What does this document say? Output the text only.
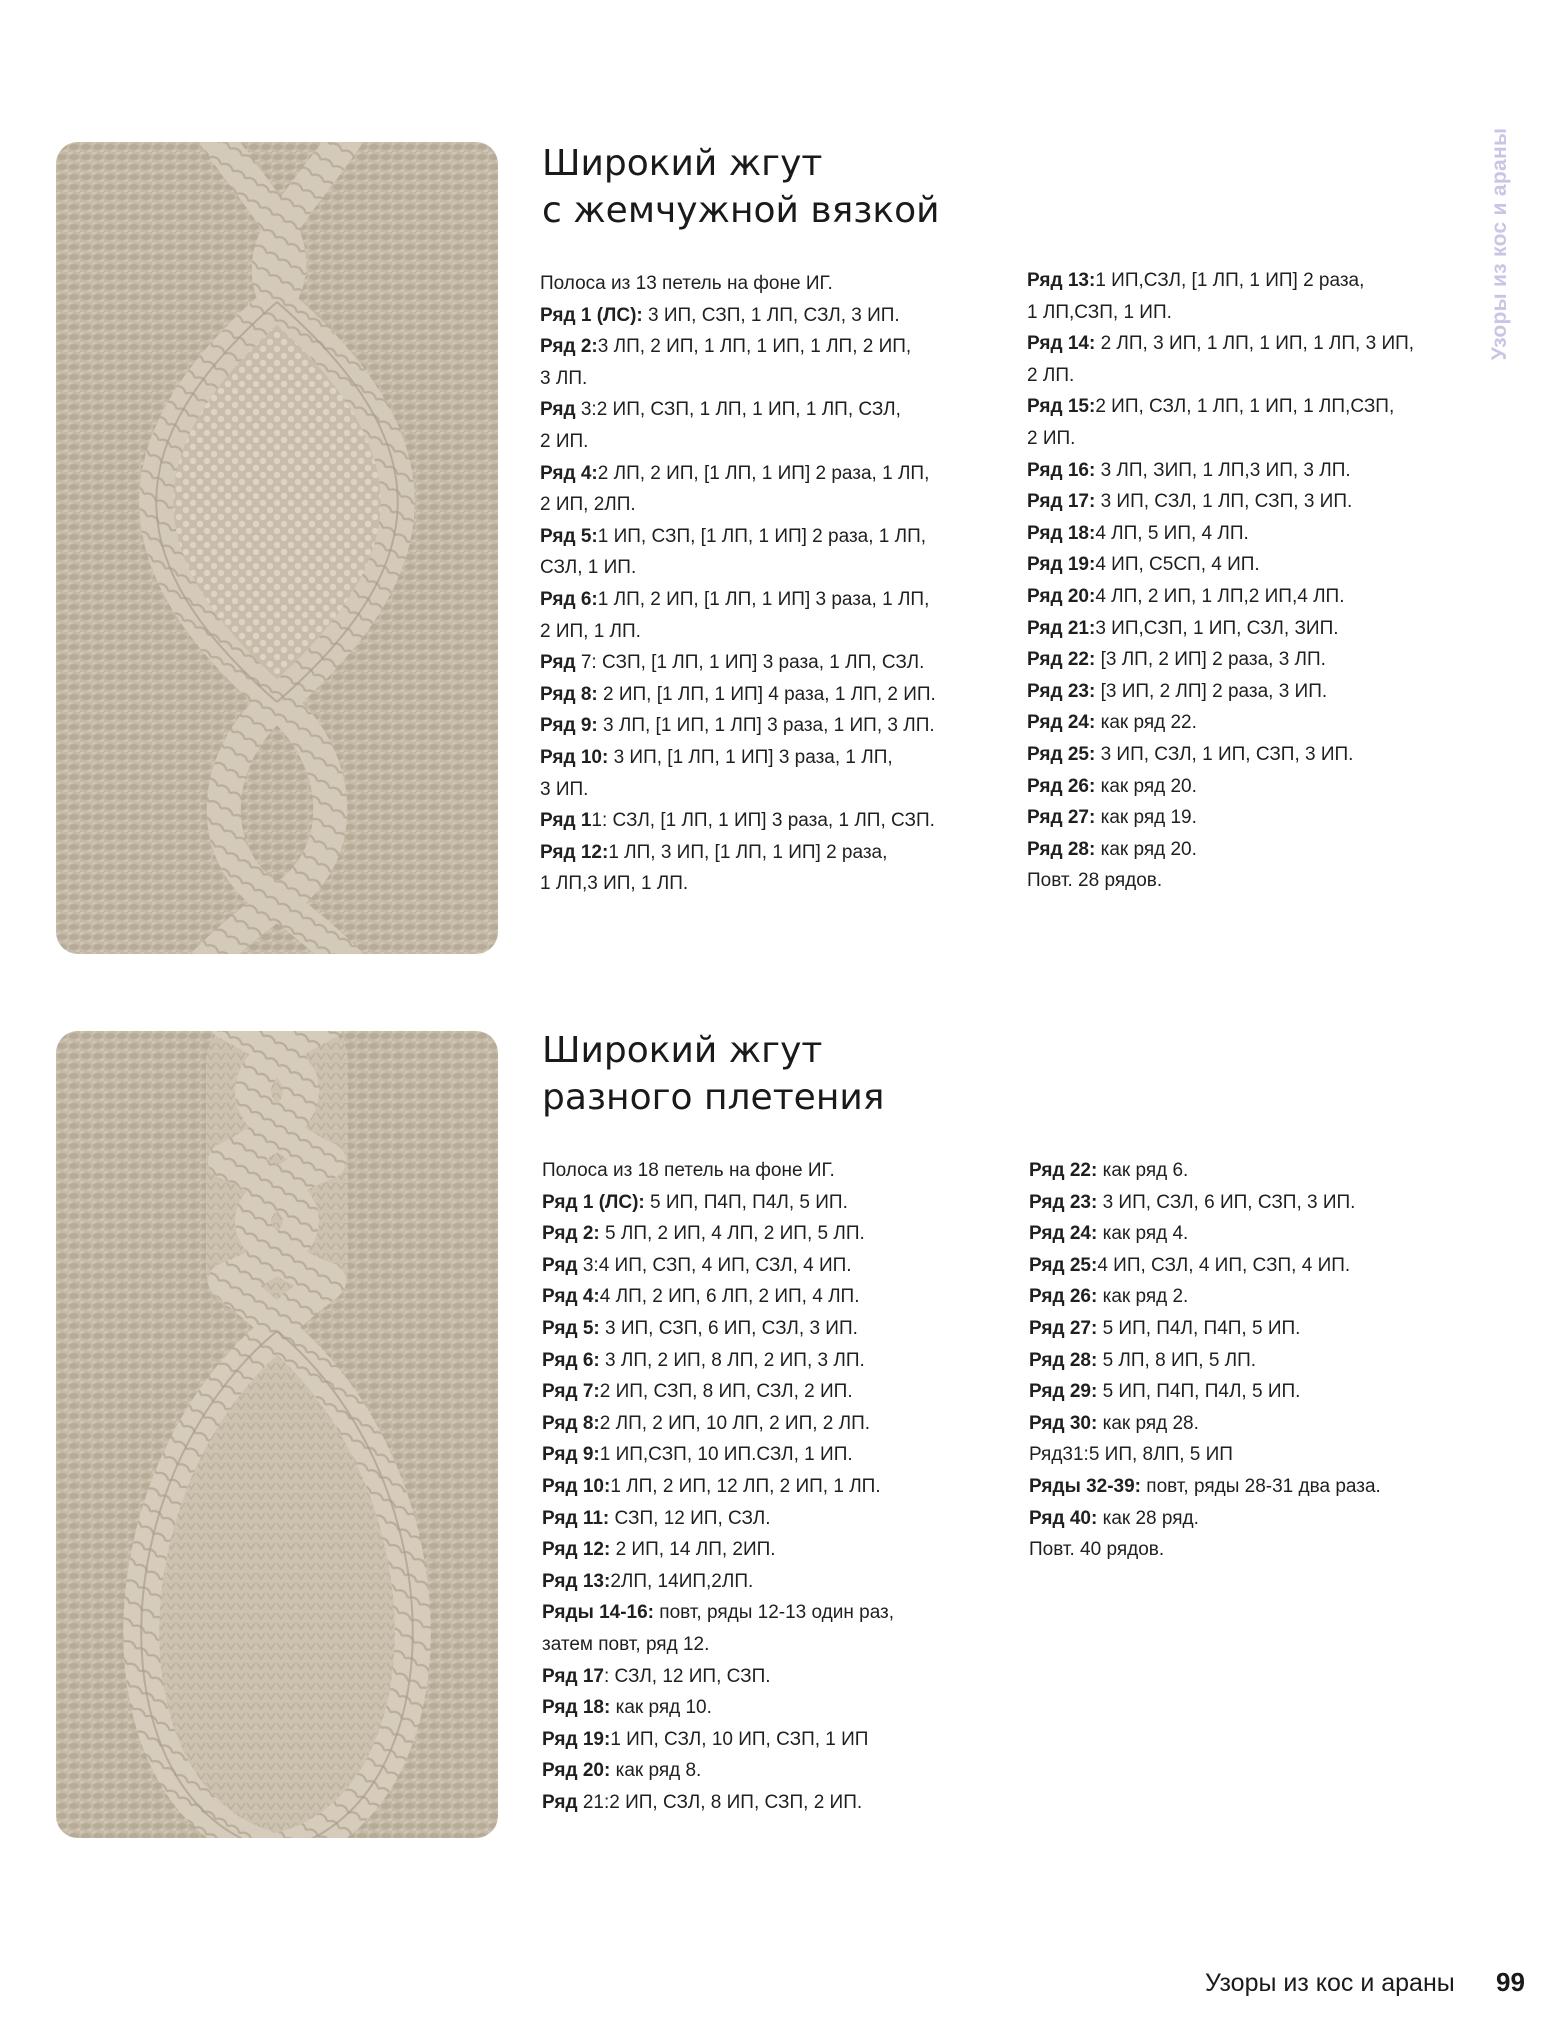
Широкий жгут
с жемчужной вязкой
Полоса из 13 петель на фоне ИГ.
Ряд 1 (ЛС): 3 ИП, СЗП, 1 ЛП, СЗЛ, 3 ИП.
Ряд 2:3 ЛП, 2 ИП, 1 ЛП, 1 ИП, 1 ЛП, 2 ИП,
3 ЛП.
Ряд 3:2 ИП, СЗП, 1 ЛП, 1 ИП, 1 ЛП, СЗЛ,
2 ИП.
Ряд 4:2 ЛП, 2 ИП, [1 ЛП, 1 ИП] 2 раза, 1 ЛП,
2 ИП, 2ЛП.
Ряд 5:1 ИП, СЗП, [1 ЛП, 1 ИП] 2 раза, 1 ЛП,
СЗЛ, 1 ИП.
Ряд 6:1 ЛП, 2 ИП, [1 ЛП, 1 ИП] 3 раза, 1 ЛП,
2 ИП, 1 ЛП.
Ряд 7: СЗП, [1 ЛП, 1 ИП] 3 раза, 1 ЛП, СЗЛ.
Ряд 8: 2 ИП, [1 ЛП, 1 ИП] 4 раза, 1 ЛП, 2 ИП.
Ряд 9: 3 ЛП, [1 ИП, 1 ЛП] 3 раза, 1 ИП, 3 ЛП.
Ряд 10: 3 ИП, [1 ЛП, 1 ИП] 3 раза, 1 ЛП,
3 ИП.
Ряд 11: СЗЛ, [1 ЛП, 1 ИП] 3 раза, 1 ЛП, СЗП.
Ряд 12:1 ЛП, 3 ИП, [1 ЛП, 1 ИП] 2 раза,
1 ЛП,3 ИП, 1 ЛП.
Ряд 13:1 ИП,СЗЛ, [1 ЛП, 1 ИП] 2 раза,
1 ЛП,СЗП, 1 ИП.
Ряд 14: 2 ЛП, 3 ИП, 1 ЛП, 1 ИП, 1 ЛП, 3 ИП,
2 ЛП.
Ряд 15:2 ИП, СЗЛ, 1 ЛП, 1 ИП, 1 ЛП,СЗП,
2 ИП.
Ряд 16: 3 ЛП, ЗИП, 1 ЛП,3 ИП, 3 ЛП.
Ряд 17: 3 ИП, СЗЛ, 1 ЛП, СЗП, 3 ИП.
Ряд 18:4 ЛП, 5 ИП, 4 ЛП.
Ряд 19:4 ИП, С5СП, 4 ИП.
Ряд 20:4 ЛП, 2 ИП, 1 ЛП,2 ИП,4 ЛП.
Ряд 21:3 ИП,СЗП, 1 ИП, СЗЛ, ЗИП.
Ряд 22: [3 ЛП, 2 ИП] 2 раза, 3 ЛП.
Ряд 23: [3 ИП, 2 ЛП] 2 раза, 3 ИП.
Ряд 24: как ряд 22.
Ряд 25: 3 ИП, СЗЛ, 1 ИП, СЗП, 3 ИП.
Ряд 26: как ряд 20.
Ряд 27: как ряд 19.
Ряд 28: как ряд 20.
Повт. 28 рядов.
Широкий жгут
разного плетения
Полоса из 18 петель на фоне ИГ.
Ряд 1 (ЛС): 5 ИП, П4П, П4Л, 5 ИП.
Ряд 2: 5 ЛП, 2 ИП, 4 ЛП, 2 ИП, 5 ЛП.
Ряд 3:4 ИП, СЗП, 4 ИП, СЗЛ, 4 ИП.
Ряд 4:4 ЛП, 2 ИП, 6 ЛП, 2 ИП, 4 ЛП.
Ряд 5: 3 ИП, СЗП, 6 ИП, СЗЛ, 3 ИП.
Ряд 6: 3 ЛП, 2 ИП, 8 ЛП, 2 ИП, 3 ЛП.
Ряд 7:2 ИП, СЗП, 8 ИП, СЗЛ, 2 ИП.
Ряд 8:2 ЛП, 2 ИП, 10 ЛП, 2 ИП, 2 ЛП.
Ряд 9:1 ИП,СЗП, 10 ИП.СЗЛ, 1 ИП.
Ряд 10:1 ЛП, 2 ИП, 12 ЛП, 2 ИП, 1 ЛП.
Ряд 11: СЗП, 12 ИП, СЗЛ.
Ряд 12: 2 ИП, 14 ЛП, 2ИП.
Ряд 13:2ЛП, 14ИП,2ЛП.
Ряды 14-16: повт, ряды 12-13 один раз,
затем повт, ряд 12.
Ряд 17: СЗЛ, 12 ИП, СЗП.
Ряд 18: как ряд 10.
Ряд 19:1 ИП, СЗЛ, 10 ИП, СЗП, 1 ИП
Ряд 20: как ряд 8.
Ряд 21:2 ИП, СЗЛ, 8 ИП, СЗП, 2 ИП.
Ряд 22: как ряд 6.
Ряд 23: 3 ИП, СЗЛ, 6 ИП, СЗП, 3 ИП.
Ряд 24: как ряд 4.
Ряд 25:4 ИП, СЗЛ, 4 ИП, СЗП, 4 ИП.
Ряд 26: как ряд 2.
Ряд 27: 5 ИП, П4Л, П4П, 5 ИП.
Ряд 28: 5 ЛП, 8 ИП, 5 ЛП.
Ряд 29: 5 ИП, П4П, П4Л, 5 ИП.
Ряд 30: как ряд 28.
Ряд31:5 ИП, 8ЛП, 5 ИП
Ряды 32-39: повт, ряды 28-31 два раза.
Ряд 40: как 28 ряд.
Повт. 40 рядов.
Узоры из кос и араны
Узоры из кос и араны 99
